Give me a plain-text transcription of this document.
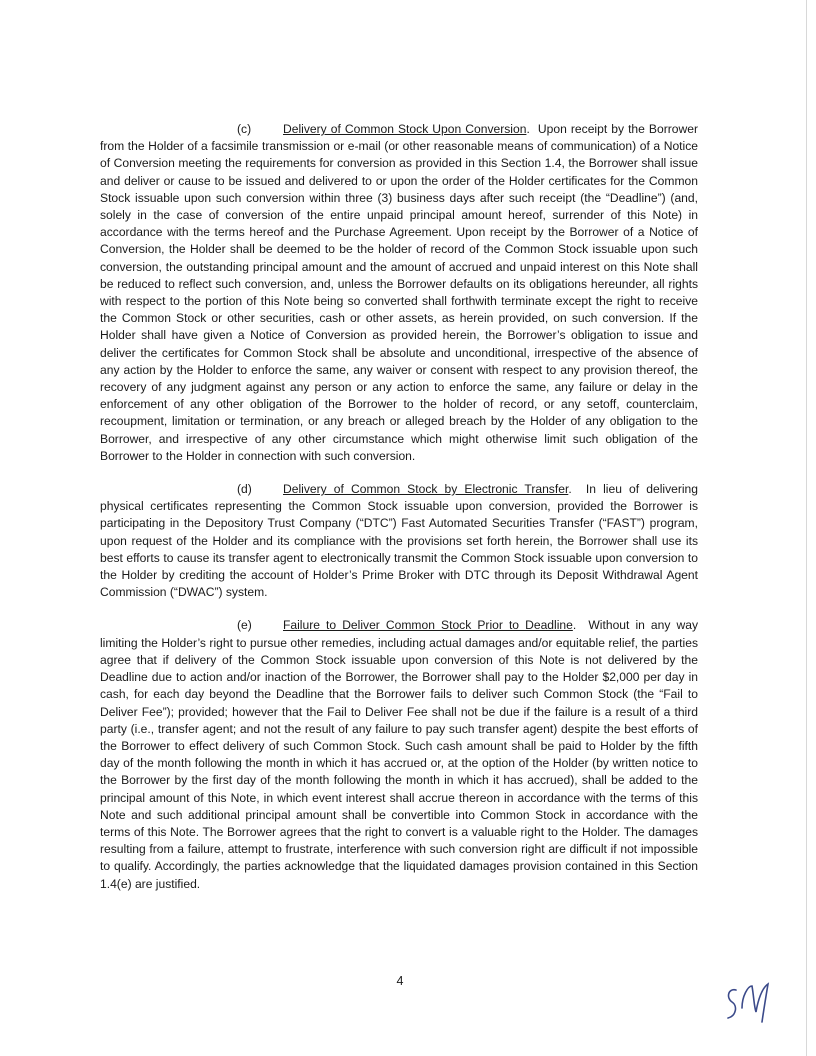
(c)	Delivery of Common Stock Upon Conversion.  Upon receipt by the Borrower from the Holder of a facsimile transmission or e-mail (or other reasonable means of communication) of a Notice of Conversion meeting the requirements for conversion as provided in this Section 1.4, the Borrower shall issue and deliver or cause to be issued and delivered to or upon the order of the Holder certificates for the Common Stock issuable upon such conversion within three (3) business days after such receipt (the “Deadline”) (and, solely in the case of conversion of the entire unpaid principal amount hereof, surrender of this Note) in accordance with the terms hereof and the Purchase Agreement. Upon receipt by the Borrower of a Notice of Conversion, the Holder shall be deemed to be the holder of record of the Common Stock issuable upon such conversion, the outstanding principal amount and the amount of accrued and unpaid interest on this Note shall be reduced to reflect such conversion, and, unless the Borrower defaults on its obligations hereunder, all rights with respect to the portion of this Note being so converted shall forthwith terminate except the right to receive the Common Stock or other securities, cash or other assets, as herein provided, on such conversion. If the Holder shall have given a Notice of Conversion as provided herein, the Borrower’s obligation to issue and deliver the certificates for Common Stock shall be absolute and unconditional, irrespective of the absence of any action by the Holder to enforce the same, any waiver or consent with respect to any provision thereof, the recovery of any judgment against any person or any action to enforce the same, any failure or delay in the enforcement of any other obligation of the Borrower to the holder of record, or any setoff, counterclaim, recoupment, limitation or termination, or any breach or alleged breach by the Holder of any obligation to the Borrower, and irrespective of any other circumstance which might otherwise limit such obligation of the Borrower to the Holder in connection with such conversion.

(d)	Delivery of Common Stock by Electronic Transfer.  In lieu of delivering physical certificates representing the Common Stock issuable upon conversion, provided the Borrower is participating in the Depository Trust Company (“DTC”) Fast Automated Securities Transfer (“FAST”) program, upon request of the Holder and its compliance with the provisions set forth herein, the Borrower shall use its best efforts to cause its transfer agent to electronically transmit the Common Stock issuable upon conversion to the Holder by crediting the account of Holder’s Prime Broker with DTC through its Deposit Withdrawal Agent Commission (“DWAC”) system.

(e)	Failure to Deliver Common Stock Prior to Deadline.  Without in any way limiting the Holder’s right to pursue other remedies, including actual damages and/or equitable relief, the parties agree that if delivery of the Common Stock issuable upon conversion of this Note is not delivered by the Deadline due to action and/or inaction of the Borrower, the Borrower shall pay to the Holder $2,000 per day in cash, for each day beyond the Deadline that the Borrower fails to deliver such Common Stock (the “Fail to Deliver Fee”); provided; however that the Fail to Deliver Fee shall not be due if the failure is a result of a third party (i.e., transfer agent; and not the result of any failure to pay such transfer agent) despite the best efforts of the Borrower to effect delivery of such Common Stock. Such cash amount shall be paid to Holder by the fifth day of the month following the month in which it has accrued or, at the option of the Holder (by written notice to the Borrower by the first day of the month following the month in which it has accrued), shall be added to the principal amount of this Note, in which event interest shall accrue thereon in accordance with the terms of this Note and such additional principal amount shall be convertible into Common Stock in accordance with the terms of this Note. The Borrower agrees that the right to convert is a valuable right to the Holder. The damages resulting from a failure, attempt to frustrate, interference with such conversion right are difficult if not impossible to qualify. Accordingly, the parties acknowledge that the liquidated damages provision contained in this Section 1.4(e) are justified.

4
